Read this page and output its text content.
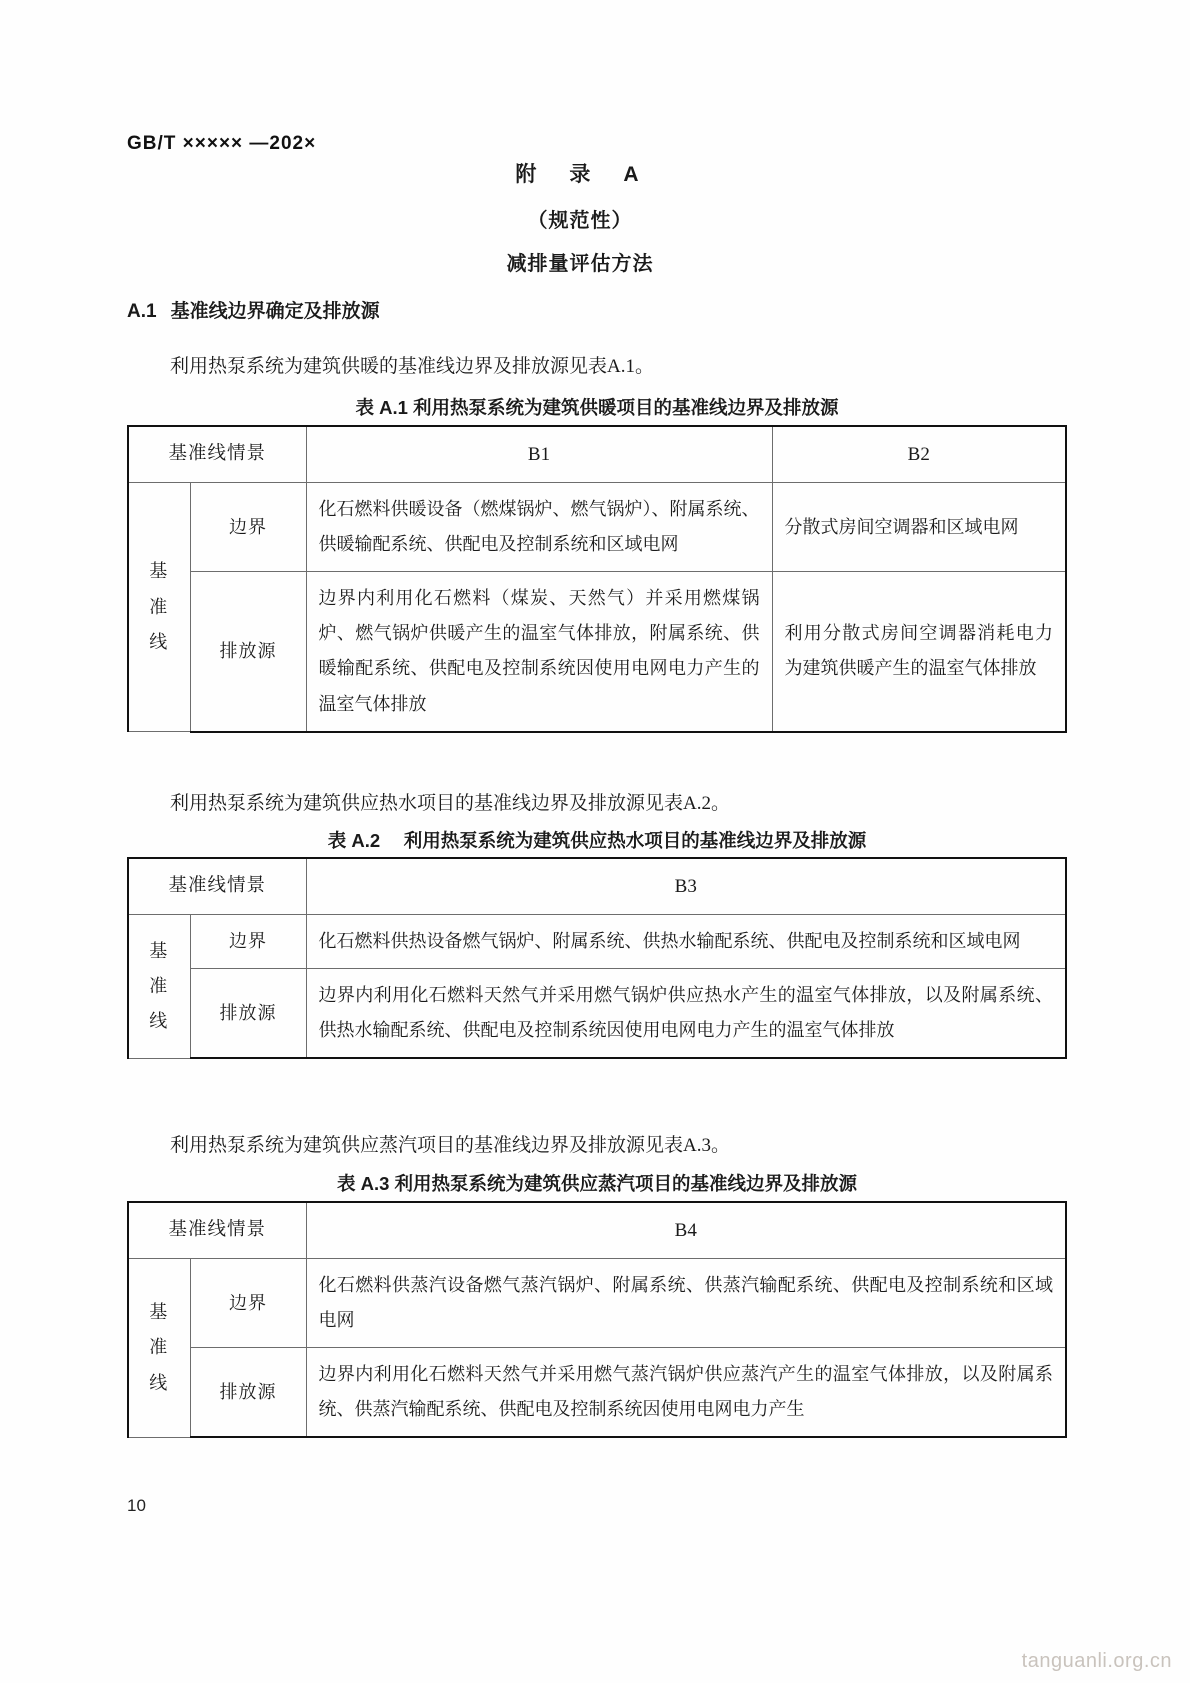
GB/T ××××× —202×
附　录　A
（规范性）
减排量评估方法
A.1 基准线边界确定及排放源
利用热泵系统为建筑供暖的基准线边界及排放源见表A.1。
表 A.1 利用热泵系统为建筑供暖项目的基准线边界及排放源
基准线情景		B1	B2
基准线	边界	化石燃料供暖设备（燃煤锅炉、燃气锅炉）、附属系统、供暖输配系统、供配电及控制系统和区域电网	分散式房间空调器和区域电网
	排放源	边界内利用化石燃料（煤炭、天然气）并采用燃煤锅炉、燃气锅炉供暖产生的温室气体排放，附属系统、供暖输配系统、供配电及控制系统因使用电网电力产生的温室气体排放	利用分散式房间空调器消耗电力为建筑供暖产生的温室气体排放
利用热泵系统为建筑供应热水项目的基准线边界及排放源见表A.2。
表 A.2　 利用热泵系统为建筑供应热水项目的基准线边界及排放源
基准线情景		B3
基准线	边界	化石燃料供热设备燃气锅炉、附属系统、供热水输配系统、供配电及控制系统和区域电网
	排放源	边界内利用化石燃料天然气并采用燃气锅炉供应热水产生的温室气体排放，以及附属系统、供热水输配系统、供配电及控制系统因使用电网电力产生的温室气体排放
利用热泵系统为建筑供应蒸汽项目的基准线边界及排放源见表A.3。
表 A.3 利用热泵系统为建筑供应蒸汽项目的基准线边界及排放源
基准线情景		B4
基准线	边界	化石燃料供蒸汽设备燃气蒸汽锅炉、附属系统、供蒸汽输配系统、供配电及控制系统和区域电网
	排放源	边界内利用化石燃料天然气并采用燃气蒸汽锅炉供应蒸汽产生的温室气体排放，以及附属系统、供蒸汽输配系统、供配电及控制系统因使用电网电力产生
10
tanguanli.org.cn
